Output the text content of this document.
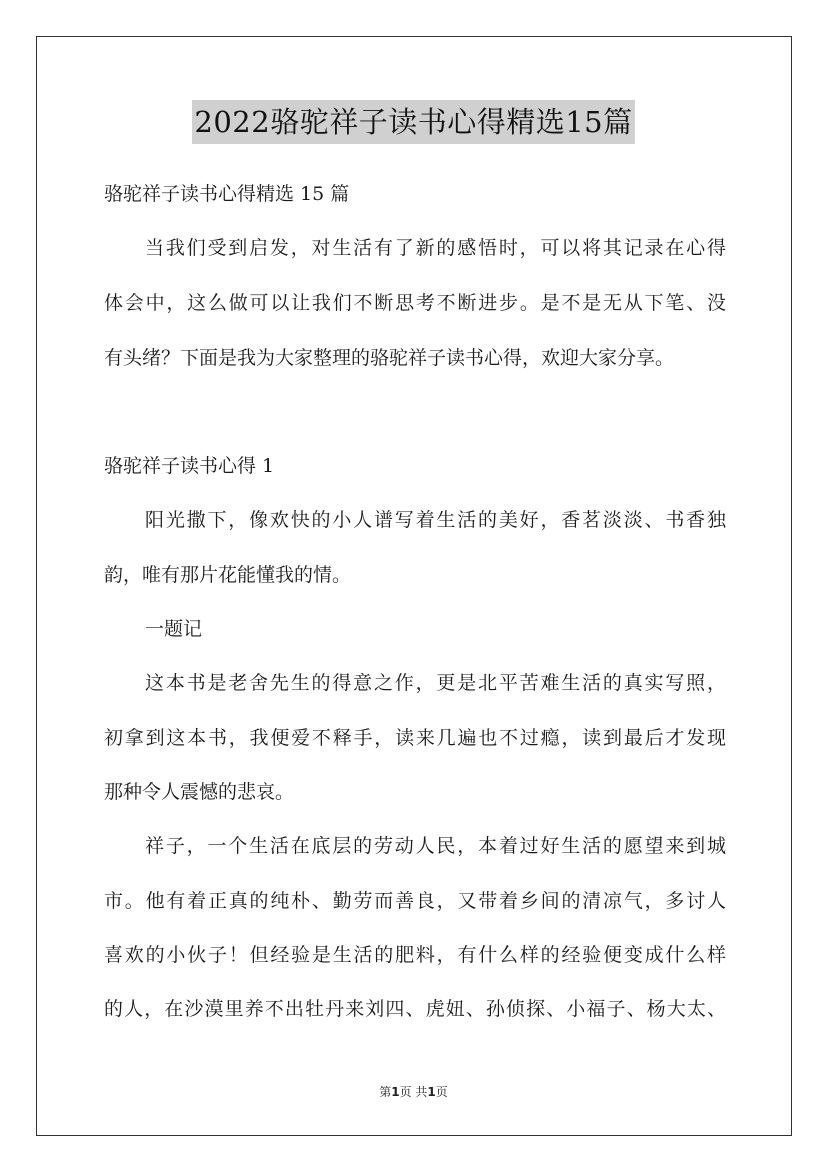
2022骆驼祥子读书心得精选15篇
骆驼祥子读书心得精选 15 篇
当我们受到启发，对生活有了新的感悟时，可以将其记录在心得
体会中，这么做可以让我们不断思考不断进步。是不是无从下笔、没
有头绪？下面是我为大家整理的骆驼祥子读书心得，欢迎大家分享。
骆驼祥子读书心得 1
阳光撒下，像欢快的小人谱写着生活的美好，香茗淡淡、书香独
韵，唯有那片花能懂我的情。
一题记
这本书是老舍先生的得意之作，更是北平苦难生活的真实写照，
初拿到这本书，我便爱不释手，读来几遍也不过瘾，读到最后才发现
那种令人震憾的悲哀。
祥子，一个生活在底层的劳动人民，本着过好生活的愿望来到城
市。他有着正真的纯朴、勤劳而善良，又带着乡间的清凉气，多讨人
喜欢的小伙子！但经验是生活的肥料，有什么样的经验便变成什么样
的人，在沙漠里养不出牡丹来刘四、虎妞、孙侦探、小福子、杨大太、
第1页 共1页
